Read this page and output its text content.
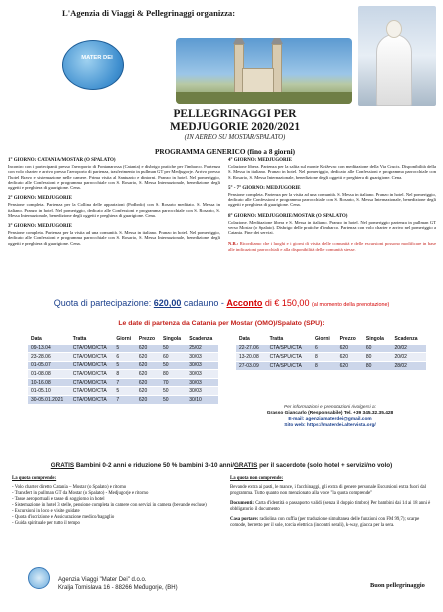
L'Agenzia di Viaggi & Pellegrinaggi organizza:
MATER DEI
PELLEGRINAGGI PER
MEDJUGORIE 2020/2021
(IN AEREO SU MOSTAR/SPALATO)
PROGRAMMA GENERICO (fino a 8 giorni)
1° GIORNO: CATANIA/MOSTAR (O SPALATO)
Incontro con i partecipanti presso l'aeroporto di Fontanarossa (Catania) e disbrigo pratiche per l'imbarco. Partenza con volo charter e arrivo presso l'aeroporto di partenza, trasferimento in pullman GT per Medjugorje. Arrivo presso l'hotel Bravo e sistemazione nelle camere. Prima visita al Santuario e dintorni. Pranzo in hotel. Nel pomeriggio, dedicato alle Confessioni e programma parrocchiale con S. Rosario, S. Messa Internazionale, benedizione degli oggetti e preghiera di guarigione. Cena.
2° GIORNO: MEDJUGORIE
Pensione completa. Partenza per la Collina delle apparizioni (Podbrdo) con S. Rosario meditato. S. Messa in italiano. Pranzo in hotel. Nel pomeriggio, dedicato alle Confessioni e programma parrocchiale con S. Rosario, S. Messa Internazionale, benedizione degli oggetti e preghiera di guarigione. Cena.
3° GIORNO: MEDJUGORIE
Pensione completa. Partenza per la visita ad una comunità. S. Messa in italiano. Pranzo in hotel. Nel pomeriggio, dedicato alle Confessioni e programma parrocchiale con S. Rosario, S. Messa Internazionale, benedizione degli oggetti e preghiera di guarigione. Cena.
4° GIORNO: MEDJUGORIE
Colazione libera. Partenza per la salita sul monte Križevac con meditazione della Via Crucis. Disponibilità della S. Messa in italiano. Pranzo in hotel. Nel pomeriggio, dedicato alle Confessioni e programma parrocchiale con S. Rosario, S. Messa Internazionale, benedizione degli oggetti e preghiera di guarigione. Cena.
5° - 7° GIORNO: MEDJUGORIE
Pensione completa. Partenza per la visita ad una comunità. S. Messa in italiano. Pranzo in hotel. Nel pomeriggio, dedicato alle Confessioni e programma parrocchiale con S. Rosario, S. Messa Internazionale, benedizione degli oggetti e preghiera di guarigione. Cena.
8° GIORNO: MEDJUGORIE/MOSTAR (O SPALATO)
Colazione. Meditazione libera e S. Messa in italiano. Pranzo in hotel. Nel pomeriggio partenza in pullman GT verso Mostar (o Spalato). Disbrigo delle pratiche d'imbarco. Partenza con volo charter e arrivo nel pomeriggio a Catania. Fine dei servizi.
N.B.: Ricordiamo che i luoghi e i giorni di visita delle comunità e delle escursioni possono modificare in base alle indicazioni parrocchiali e alla disponibilità delle comunità stesse.
Quota di partecipazione: 620,00 cadauno - Acconto di € 150,00 (al momento della prenotazione)
Le date di partenza da Catania per Mostar (OMO)/Spalato (SPU):
Data	Tratta	Giorni	Prezzo	Singola	Scadenza
09-13.04	CTA/OMO/CTA	5	620	50	25/02
23-28.06	CTA/OMO/CTA	6	620	60	30/03
01-05.07	CTA/OMO/CTA	5	620	50	30/03
01-08.08	CTA/OMO/CTA	8	620	80	30/03
10-16.08	CTA/OMO/CTA	7	620	70	30/03
01-05.10	CTA/OMO/CTA	5	620	50	30/03
30-05.01.2021	CTA/OMO/CTA	7	620	50	30/10
Data	Tratta	Giorni	Prezzo	Singola	Scadenza
22-27.06	CTA/SPU/CTA	6	620	60	20/02
13-20.08	CTA/SPU/CTA	8	620	80	20/02
27-03.09	CTA/SPU/CTA	8	620	80	28/02
Per informazioni e prenotazioni rivolgersi a:
Grasso Giancarlo (Responsabile) Tel. +39 345.32.35.428
E-mail: agenziamaterdei@gmail.com
Sito web: https://materdei.altervista.org/
GRATIS Bambini 0-2 anni e riduzione 50 % bambini 3-10 anni/GRATIS per il sacerdote (solo hotel + servizi/no volo)
La quota comprende:
- Volo charter diretto Catania – Mostar (o Spalato) e ritorno
- Transfert in pullman GT da Mostar (o Spalato) - Medjugorje e ritorno
- Tasse aeroportuali e tasse di soggiorno in hotel
- Sistemazione in hotel 3 stelle, pensione completa in camere con servizi in camera (bevande escluse)
- Escursioni in loco e visite guidate
- Quota d'iscrizione e Assicurazione medico/bagaglio
- Guida spirituale per tutto il tempo
La quota non comprende:

Bevande extra ai pasti, le mance, i facchinaggi, gli extra di genere personale Escursioni extra fuori dal programma. Tutto quanto non menzionato alla voce "la quota comprende"

Documenti: Carta d'identità o passaporto validi (senza il doppio timbro) Per bambini dai 14 ai 18 anni è obbligatorio il documento

Casa portare: radiolina con cuffia (per traduzione simultanea delle funzioni con FM 99,7); scarpe comode, berretto per il sole, torcia elettrica (incontri serali), k-way, giacca per la sera.

Agenzia Viaggi "Mater Dei" d.o.o.
Kralja Tomislava 16 - 88266 Međugorje, (BH)	Buon pellegrinaggio
